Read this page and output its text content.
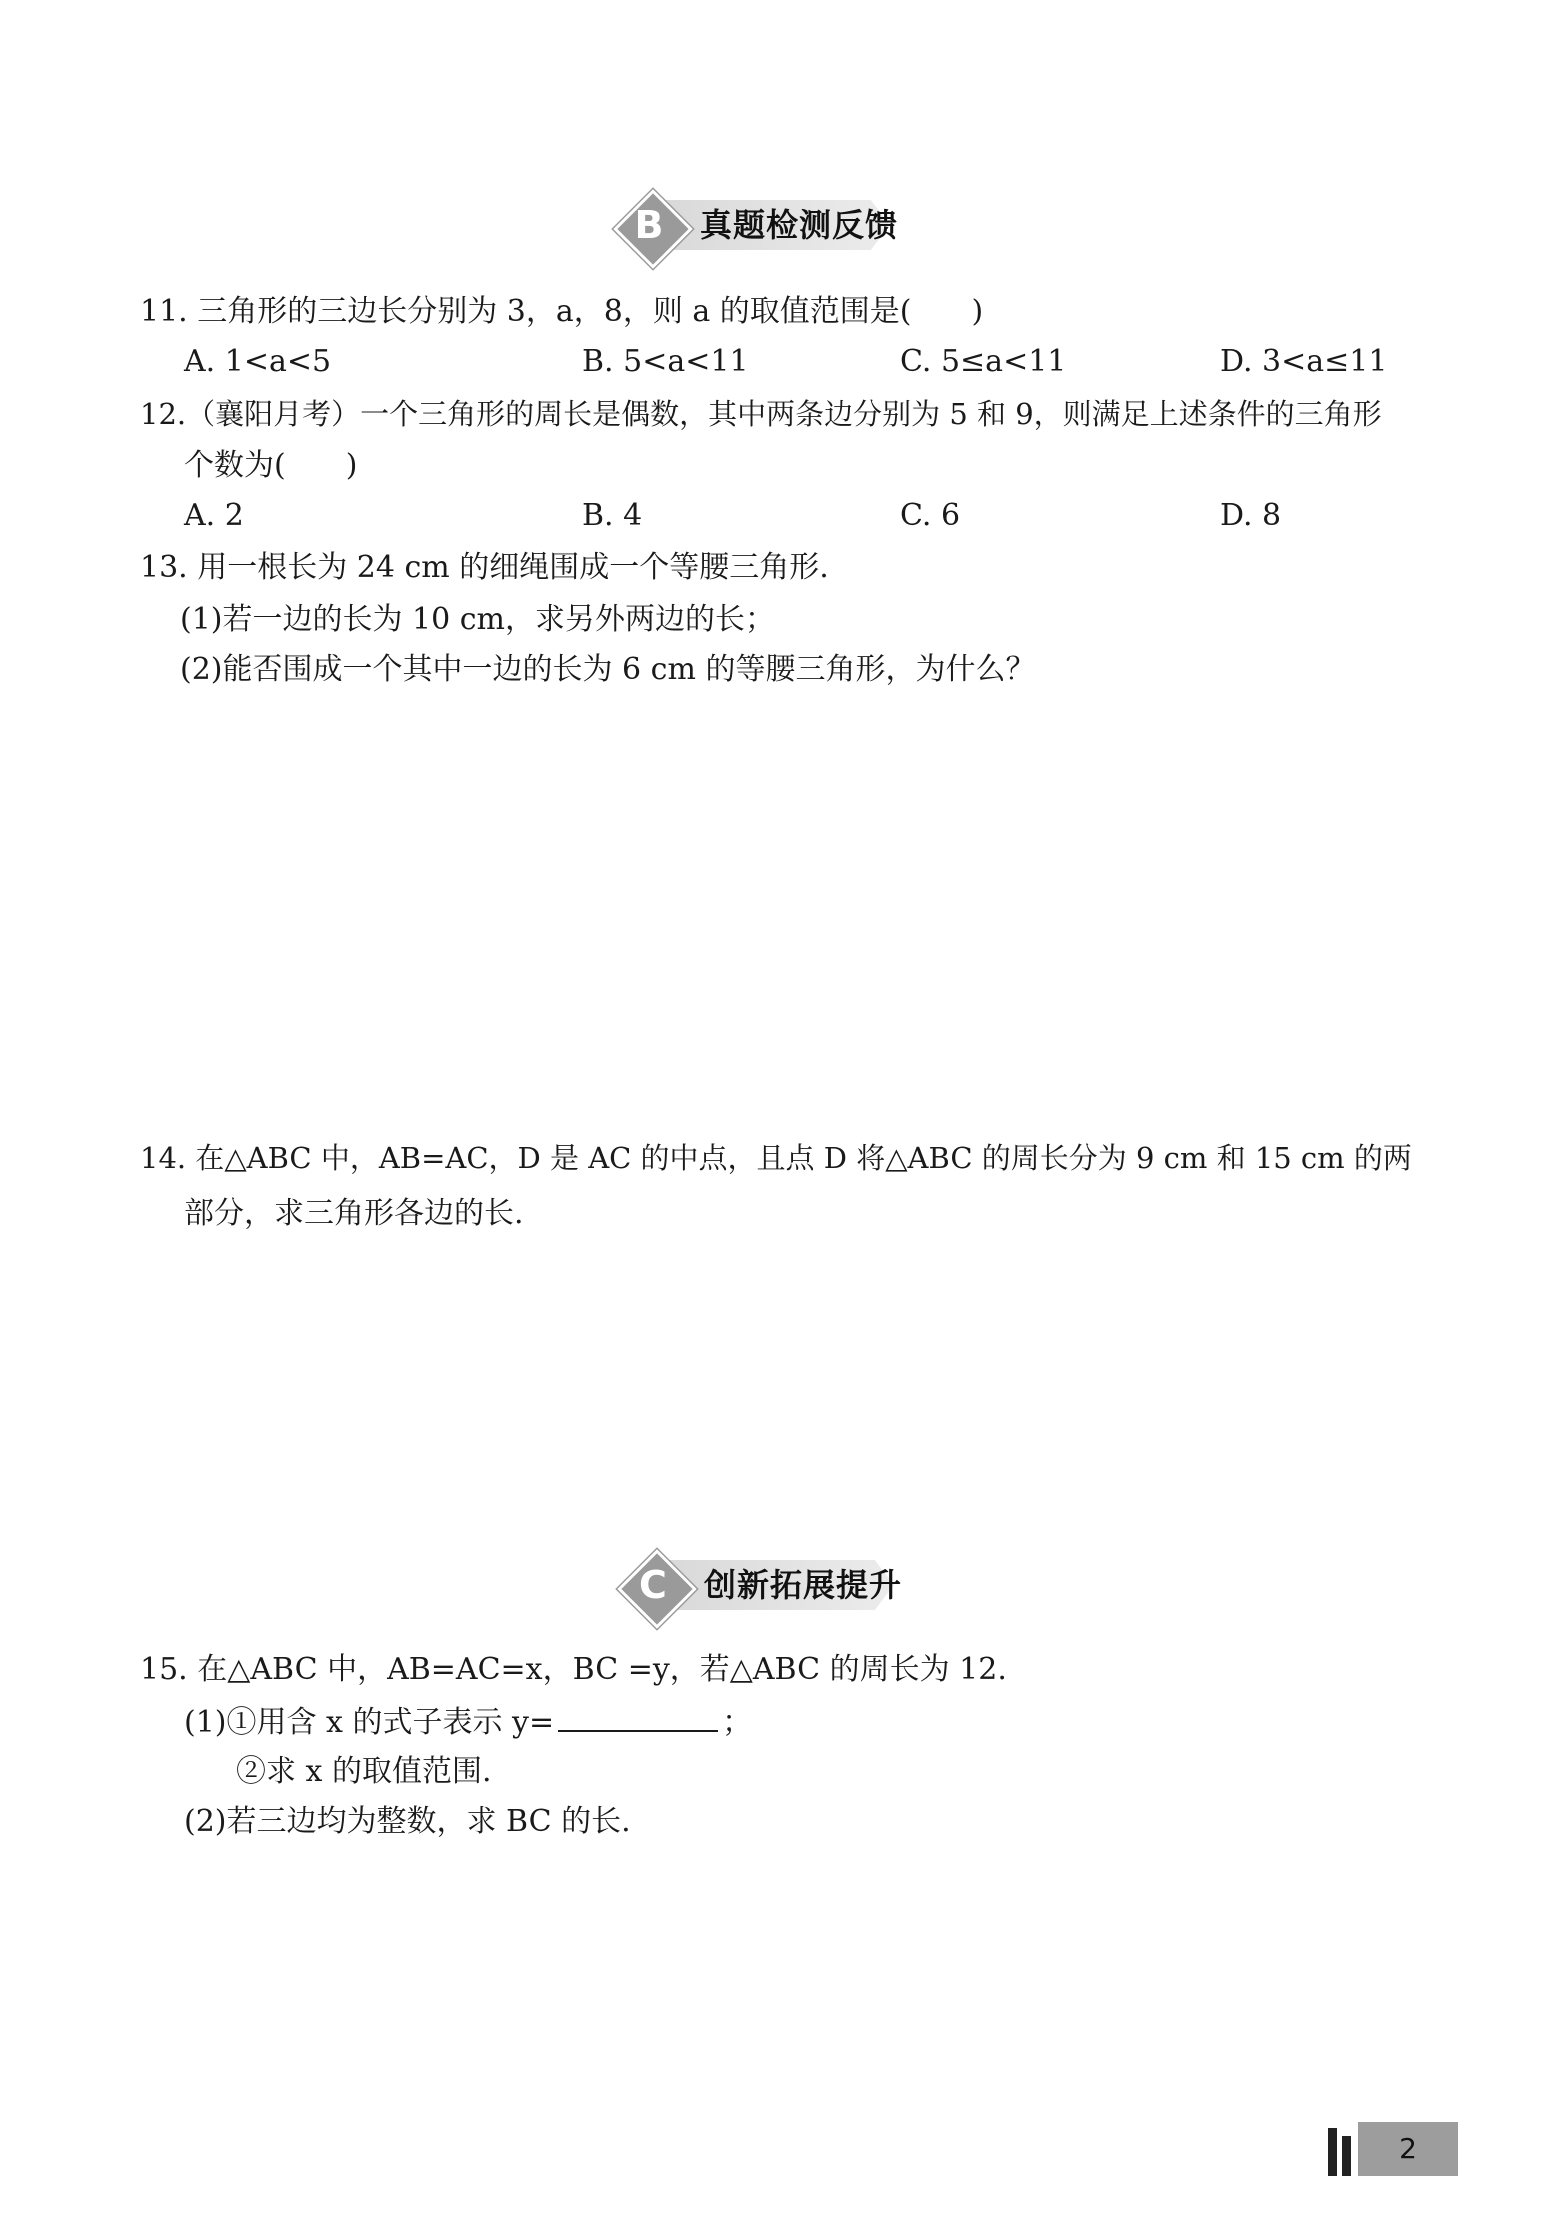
B	真题检测反馈
11. 三角形的三边长分别为 3，a，8，则 a 的取值范围是(　　)
A. 1<a<5	B. 5<a<11	C. 5≤a<11	D. 3<a≤11
12.（襄阳月考）一个三角形的周长是偶数，其中两条边分别为 5 和 9，则满足上述条件的三角形
个数为(　　)
A. 2	B. 4	C. 6	D. 8
13. 用一根长为 24 cm 的细绳围成一个等腰三角形.
(1)若一边的长为 10 cm，求另外两边的长；
(2)能否围成一个其中一边的长为 6 cm 的等腰三角形，为什么？
14. 在△ABC 中，AB=AC，D 是 AC 的中点，且点 D 将△ABC 的周长分为 9 cm 和 15 cm 的两
部分，求三角形各边的长.
C	创新拓展提升
15. 在△ABC 中，AB=AC=x，BC =y，若△ABC 的周长为 12.
(1)①用含 x 的式子表示 y=	；
②求 x 的取值范围.
(2)若三边均为整数，求 BC 的长.
2
